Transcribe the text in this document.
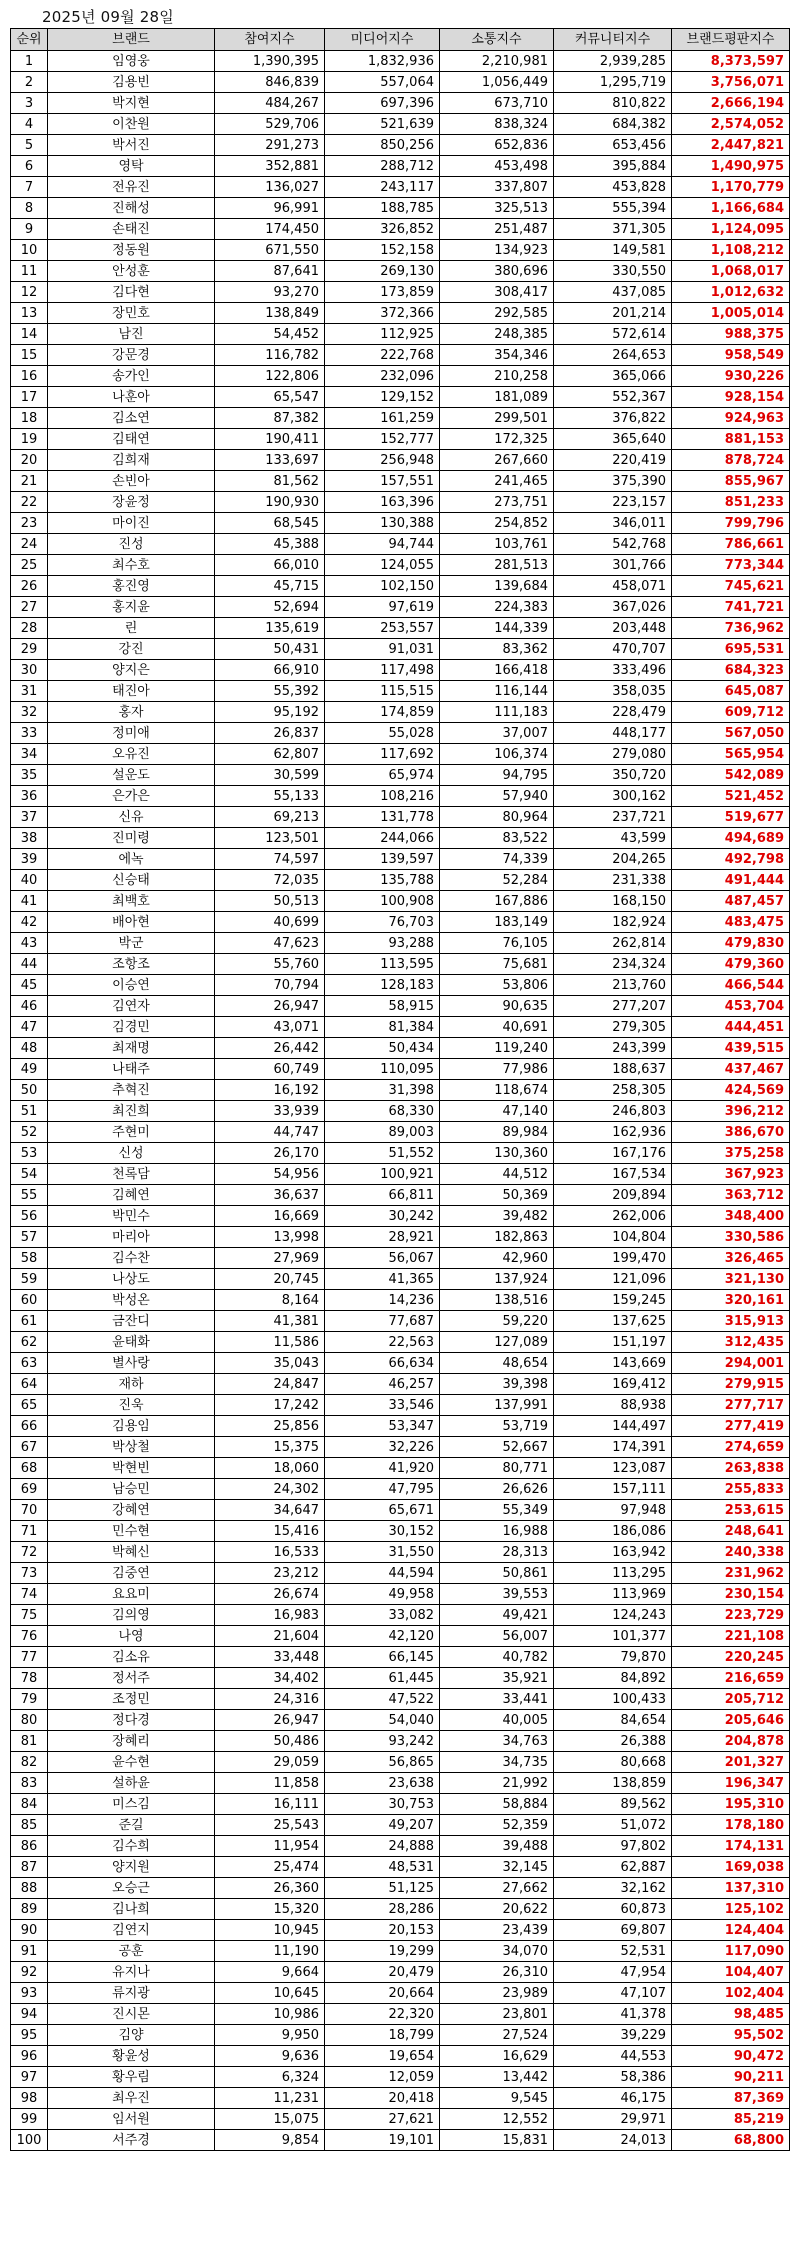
2025년 09월 28일
순위	브랜드	참여지수	미디어지수	소통지수	커뮤니티지수	브랜드평판지수
1	임영웅	1,390,395	1,832,936	2,210,981	2,939,285	8,373,597
2	김용빈	846,839	557,064	1,056,449	1,295,719	3,756,071
3	박지현	484,267	697,396	673,710	810,822	2,666,194
4	이찬원	529,706	521,639	838,324	684,382	2,574,052
5	박서진	291,273	850,256	652,836	653,456	2,447,821
6	영탁	352,881	288,712	453,498	395,884	1,490,975
7	전유진	136,027	243,117	337,807	453,828	1,170,779
8	진해성	96,991	188,785	325,513	555,394	1,166,684
9	손태진	174,450	326,852	251,487	371,305	1,124,095
10	정동원	671,550	152,158	134,923	149,581	1,108,212
11	안성훈	87,641	269,130	380,696	330,550	1,068,017
12	김다현	93,270	173,859	308,417	437,085	1,012,632
13	장민호	138,849	372,366	292,585	201,214	1,005,014
14	남진	54,452	112,925	248,385	572,614	988,375
15	강문경	116,782	222,768	354,346	264,653	958,549
16	송가인	122,806	232,096	210,258	365,066	930,226
17	나훈아	65,547	129,152	181,089	552,367	928,154
18	김소연	87,382	161,259	299,501	376,822	924,963
19	김태연	190,411	152,777	172,325	365,640	881,153
20	김희재	133,697	256,948	267,660	220,419	878,724
21	손빈아	81,562	157,551	241,465	375,390	855,967
22	장윤정	190,930	163,396	273,751	223,157	851,233
23	마이진	68,545	130,388	254,852	346,011	799,796
24	진성	45,388	94,744	103,761	542,768	786,661
25	최수호	66,010	124,055	281,513	301,766	773,344
26	홍진영	45,715	102,150	139,684	458,071	745,621
27	홍지윤	52,694	97,619	224,383	367,026	741,721
28	린	135,619	253,557	144,339	203,448	736,962
29	강진	50,431	91,031	83,362	470,707	695,531
30	양지은	66,910	117,498	166,418	333,496	684,323
31	태진아	55,392	115,515	116,144	358,035	645,087
32	홍자	95,192	174,859	111,183	228,479	609,712
33	정미애	26,837	55,028	37,007	448,177	567,050
34	오유진	62,807	117,692	106,374	279,080	565,954
35	설운도	30,599	65,974	94,795	350,720	542,089
36	은가은	55,133	108,216	57,940	300,162	521,452
37	신유	69,213	131,778	80,964	237,721	519,677
38	진미령	123,501	244,066	83,522	43,599	494,689
39	에녹	74,597	139,597	74,339	204,265	492,798
40	신승태	72,035	135,788	52,284	231,338	491,444
41	최백호	50,513	100,908	167,886	168,150	487,457
42	배아현	40,699	76,703	183,149	182,924	483,475
43	박군	47,623	93,288	76,105	262,814	479,830
44	조항조	55,760	113,595	75,681	234,324	479,360
45	이승연	70,794	128,183	53,806	213,760	466,544
46	김연자	26,947	58,915	90,635	277,207	453,704
47	김경민	43,071	81,384	40,691	279,305	444,451
48	최재명	26,442	50,434	119,240	243,399	439,515
49	나태주	60,749	110,095	77,986	188,637	437,467
50	추혁진	16,192	31,398	118,674	258,305	424,569
51	최진희	33,939	68,330	47,140	246,803	396,212
52	주현미	44,747	89,003	89,984	162,936	386,670
53	신성	26,170	51,552	130,360	167,176	375,258
54	천록담	54,956	100,921	44,512	167,534	367,923
55	김혜연	36,637	66,811	50,369	209,894	363,712
56	박민수	16,669	30,242	39,482	262,006	348,400
57	마리아	13,998	28,921	182,863	104,804	330,586
58	김수찬	27,969	56,067	42,960	199,470	326,465
59	나상도	20,745	41,365	137,924	121,096	321,130
60	박성온	8,164	14,236	138,516	159,245	320,161
61	금잔디	41,381	77,687	59,220	137,625	315,913
62	윤태화	11,586	22,563	127,089	151,197	312,435
63	별사랑	35,043	66,634	48,654	143,669	294,001
64	재하	24,847	46,257	39,398	169,412	279,915
65	진욱	17,242	33,546	137,991	88,938	277,717
66	김용임	25,856	53,347	53,719	144,497	277,419
67	박상철	15,375	32,226	52,667	174,391	274,659
68	박현빈	18,060	41,920	80,771	123,087	263,838
69	남승민	24,302	47,795	26,626	157,111	255,833
70	강혜연	34,647	65,671	55,349	97,948	253,615
71	민수현	15,416	30,152	16,988	186,086	248,641
72	박혜신	16,533	31,550	28,313	163,942	240,338
73	김중연	23,212	44,594	50,861	113,295	231,962
74	요요미	26,674	49,958	39,553	113,969	230,154
75	김의영	16,983	33,082	49,421	124,243	223,729
76	나영	21,604	42,120	56,007	101,377	221,108
77	김소유	33,448	66,145	40,782	79,870	220,245
78	정서주	34,402	61,445	35,921	84,892	216,659
79	조정민	24,316	47,522	33,441	100,433	205,712
80	정다경	26,947	54,040	40,005	84,654	205,646
81	장혜리	50,486	93,242	34,763	26,388	204,878
82	윤수현	29,059	56,865	34,735	80,668	201,327
83	설하윤	11,858	23,638	21,992	138,859	196,347
84	미스김	16,111	30,753	58,884	89,562	195,310
85	준길	25,543	49,207	52,359	51,072	178,180
86	김수희	11,954	24,888	39,488	97,802	174,131
87	양지원	25,474	48,531	32,145	62,887	169,038
88	오승근	26,360	51,125	27,662	32,162	137,310
89	김나희	15,320	28,286	20,622	60,873	125,102
90	김연지	10,945	20,153	23,439	69,807	124,404
91	공훈	11,190	19,299	34,070	52,531	117,090
92	유지나	9,664	20,479	26,310	47,954	104,407
93	류지광	10,645	20,664	23,989	47,107	102,404
94	진시몬	10,986	22,320	23,801	41,378	98,485
95	김양	9,950	18,799	27,524	39,229	95,502
96	황윤성	9,636	19,654	16,629	44,553	90,472
97	황우림	6,324	12,059	13,442	58,386	90,211
98	최우진	11,231	20,418	9,545	46,175	87,369
99	임서원	15,075	27,621	12,552	29,971	85,219
100	서주경	9,854	19,101	15,831	24,013	68,800
